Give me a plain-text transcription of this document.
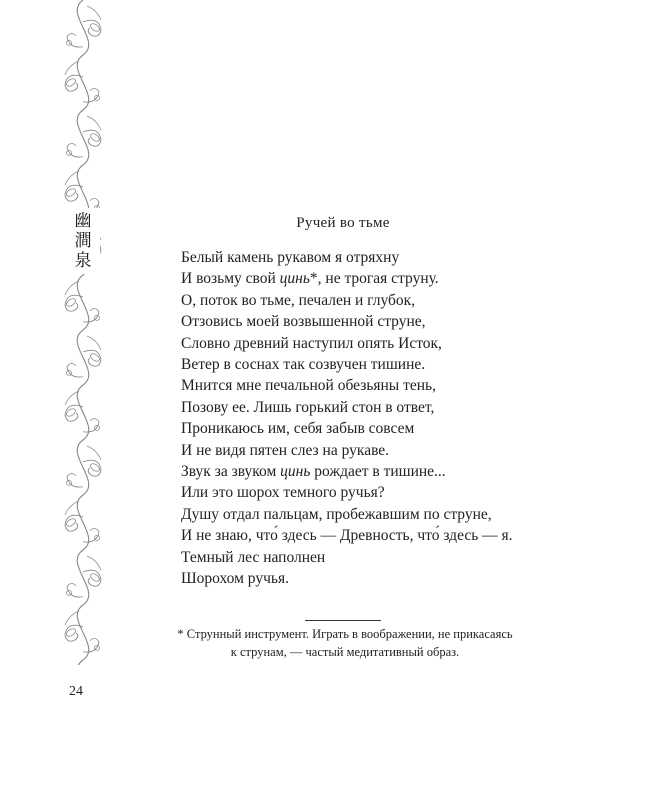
幽
澗
泉
Ручей во тьме
Белый камень рукавом я отряхну
И возьму свой цинь*, не трогая струну.
О, поток во тьме, печален и глубок,
Отзовись моей возвышенной струне,
Словно древний наступил опять Исток,
Ветер в соснах так созвучен тишине.
Мнится мне печальной обезьяны тень,
Позову ее. Лишь горький стон в ответ,
Проникаюсь им, себя забыв совсем
И не видя пятен слез на рукаве.
Звук за звуком цинь рождает в тишине...
Или это шорох темного ручья?
Душу отдал пальцам, пробежавшим по струне,
И не знаю, что́ здесь — Древность, что́ здесь — я.
Темный лес наполнен
Шорохом ручья.
* Струнный инструмент. Играть в воображении, не прикасаясь
к струнам, — частый медитативный образ.
24
